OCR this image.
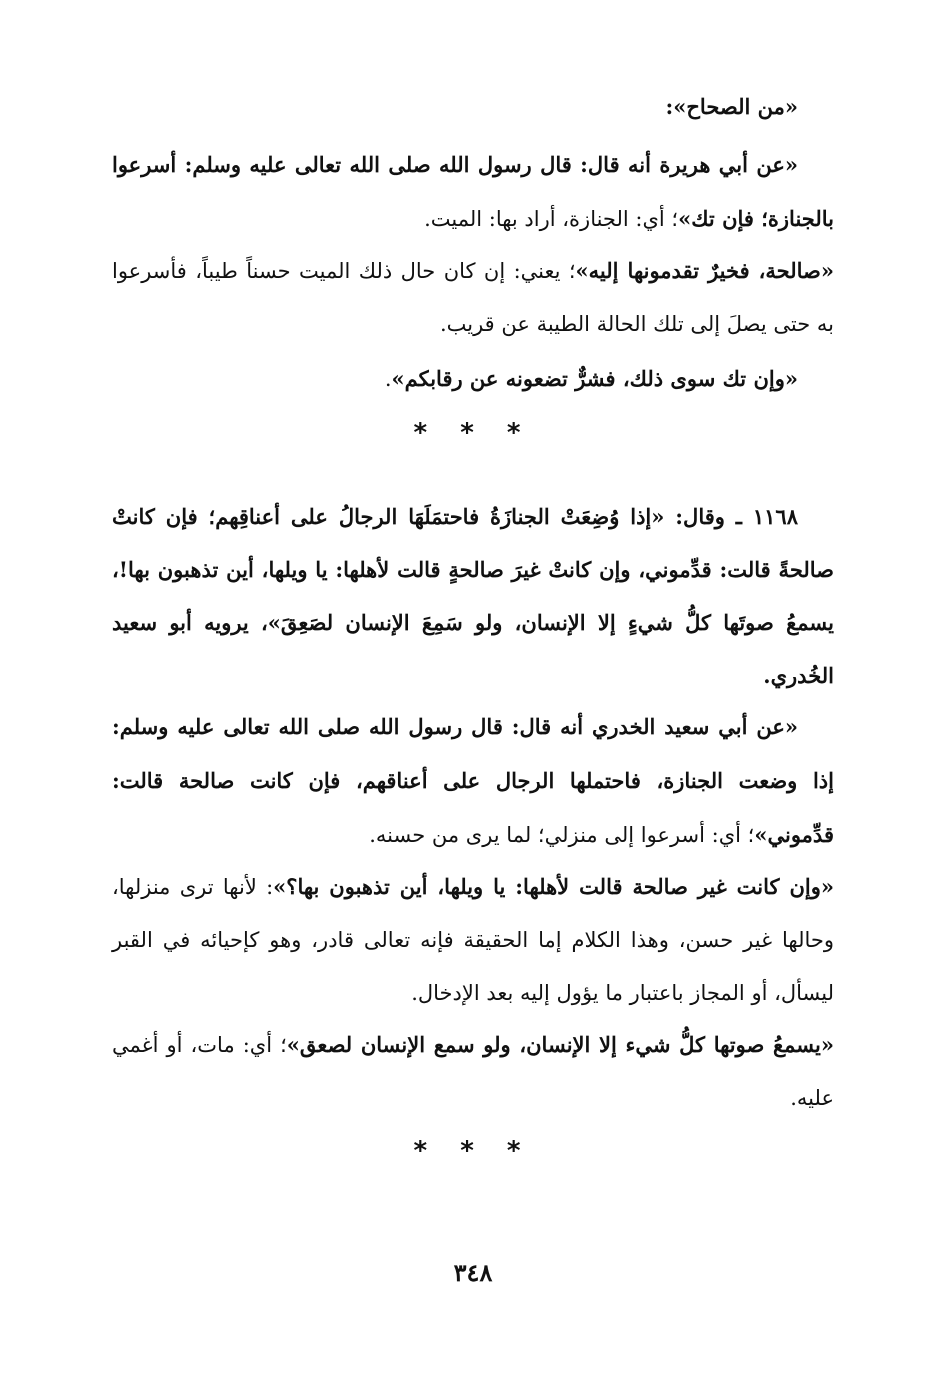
«من الصحاح»:

«عن أبي هريرة أنه قال: قال رسول الله صلى الله تعالى عليه وسلم: أسرعوا بالجنازة؛ فإن تك»؛ أي: الجنازة، أراد بها: الميت.

«صالحة، فخيرٌ تقدمونها إليه»؛ يعني: إن كان حال ذلك الميت حسناً طيباً، فأسرعوا به حتى يصلَ إلى تلك الحالة الطيبة عن قريب.

«وإن تك سوى ذلك، فشرٌّ تضعونه عن رقابكم».

* * *

١١٦٨ ـ وقال: «إذا وُضِعَتْ الجنازَةُ فاحتمَلَهَا الرجالُ على أعناقِهم؛ فإن كانتْ صالحةً قالت: قدِّموني، وإن كانتْ غيرَ صالحةٍ قالت لأهلها: يا ويلها، أين تذهبون بها!، يسمعُ صوتَها كلُّ شيءٍ إلا الإنسان، ولو سَمِعَ الإنسان لصَعِقَ»، يرويه أبو سعيد الخُدري.

«عن أبي سعيد الخدري أنه قال: قال رسول الله صلى الله تعالى عليه وسلم: إذا وضعت الجنازة، فاحتملها الرجال على أعناقهم، فإن كانت صالحة قالت: قدِّموني»؛ أي: أسرعوا إلى منزلي؛ لما يرى من حسنه.

«وإن كانت غير صالحة قالت لأهلها: يا ويلها، أين تذهبون بها؟»: لأنها ترى منزلها، وحالها غير حسن، وهذا الكلام إما الحقيقة فإنه تعالى قادر، وهو كإحيائه في القبر ليسأل، أو المجاز باعتبار ما يؤول إليه بعد الإدخال.

«يسمعُ صوتها كلُّ شيء إلا الإنسان، ولو سمع الإنسان لصعق»؛ أي: مات، أو أغمي عليه.

* * *
٣٤٨
